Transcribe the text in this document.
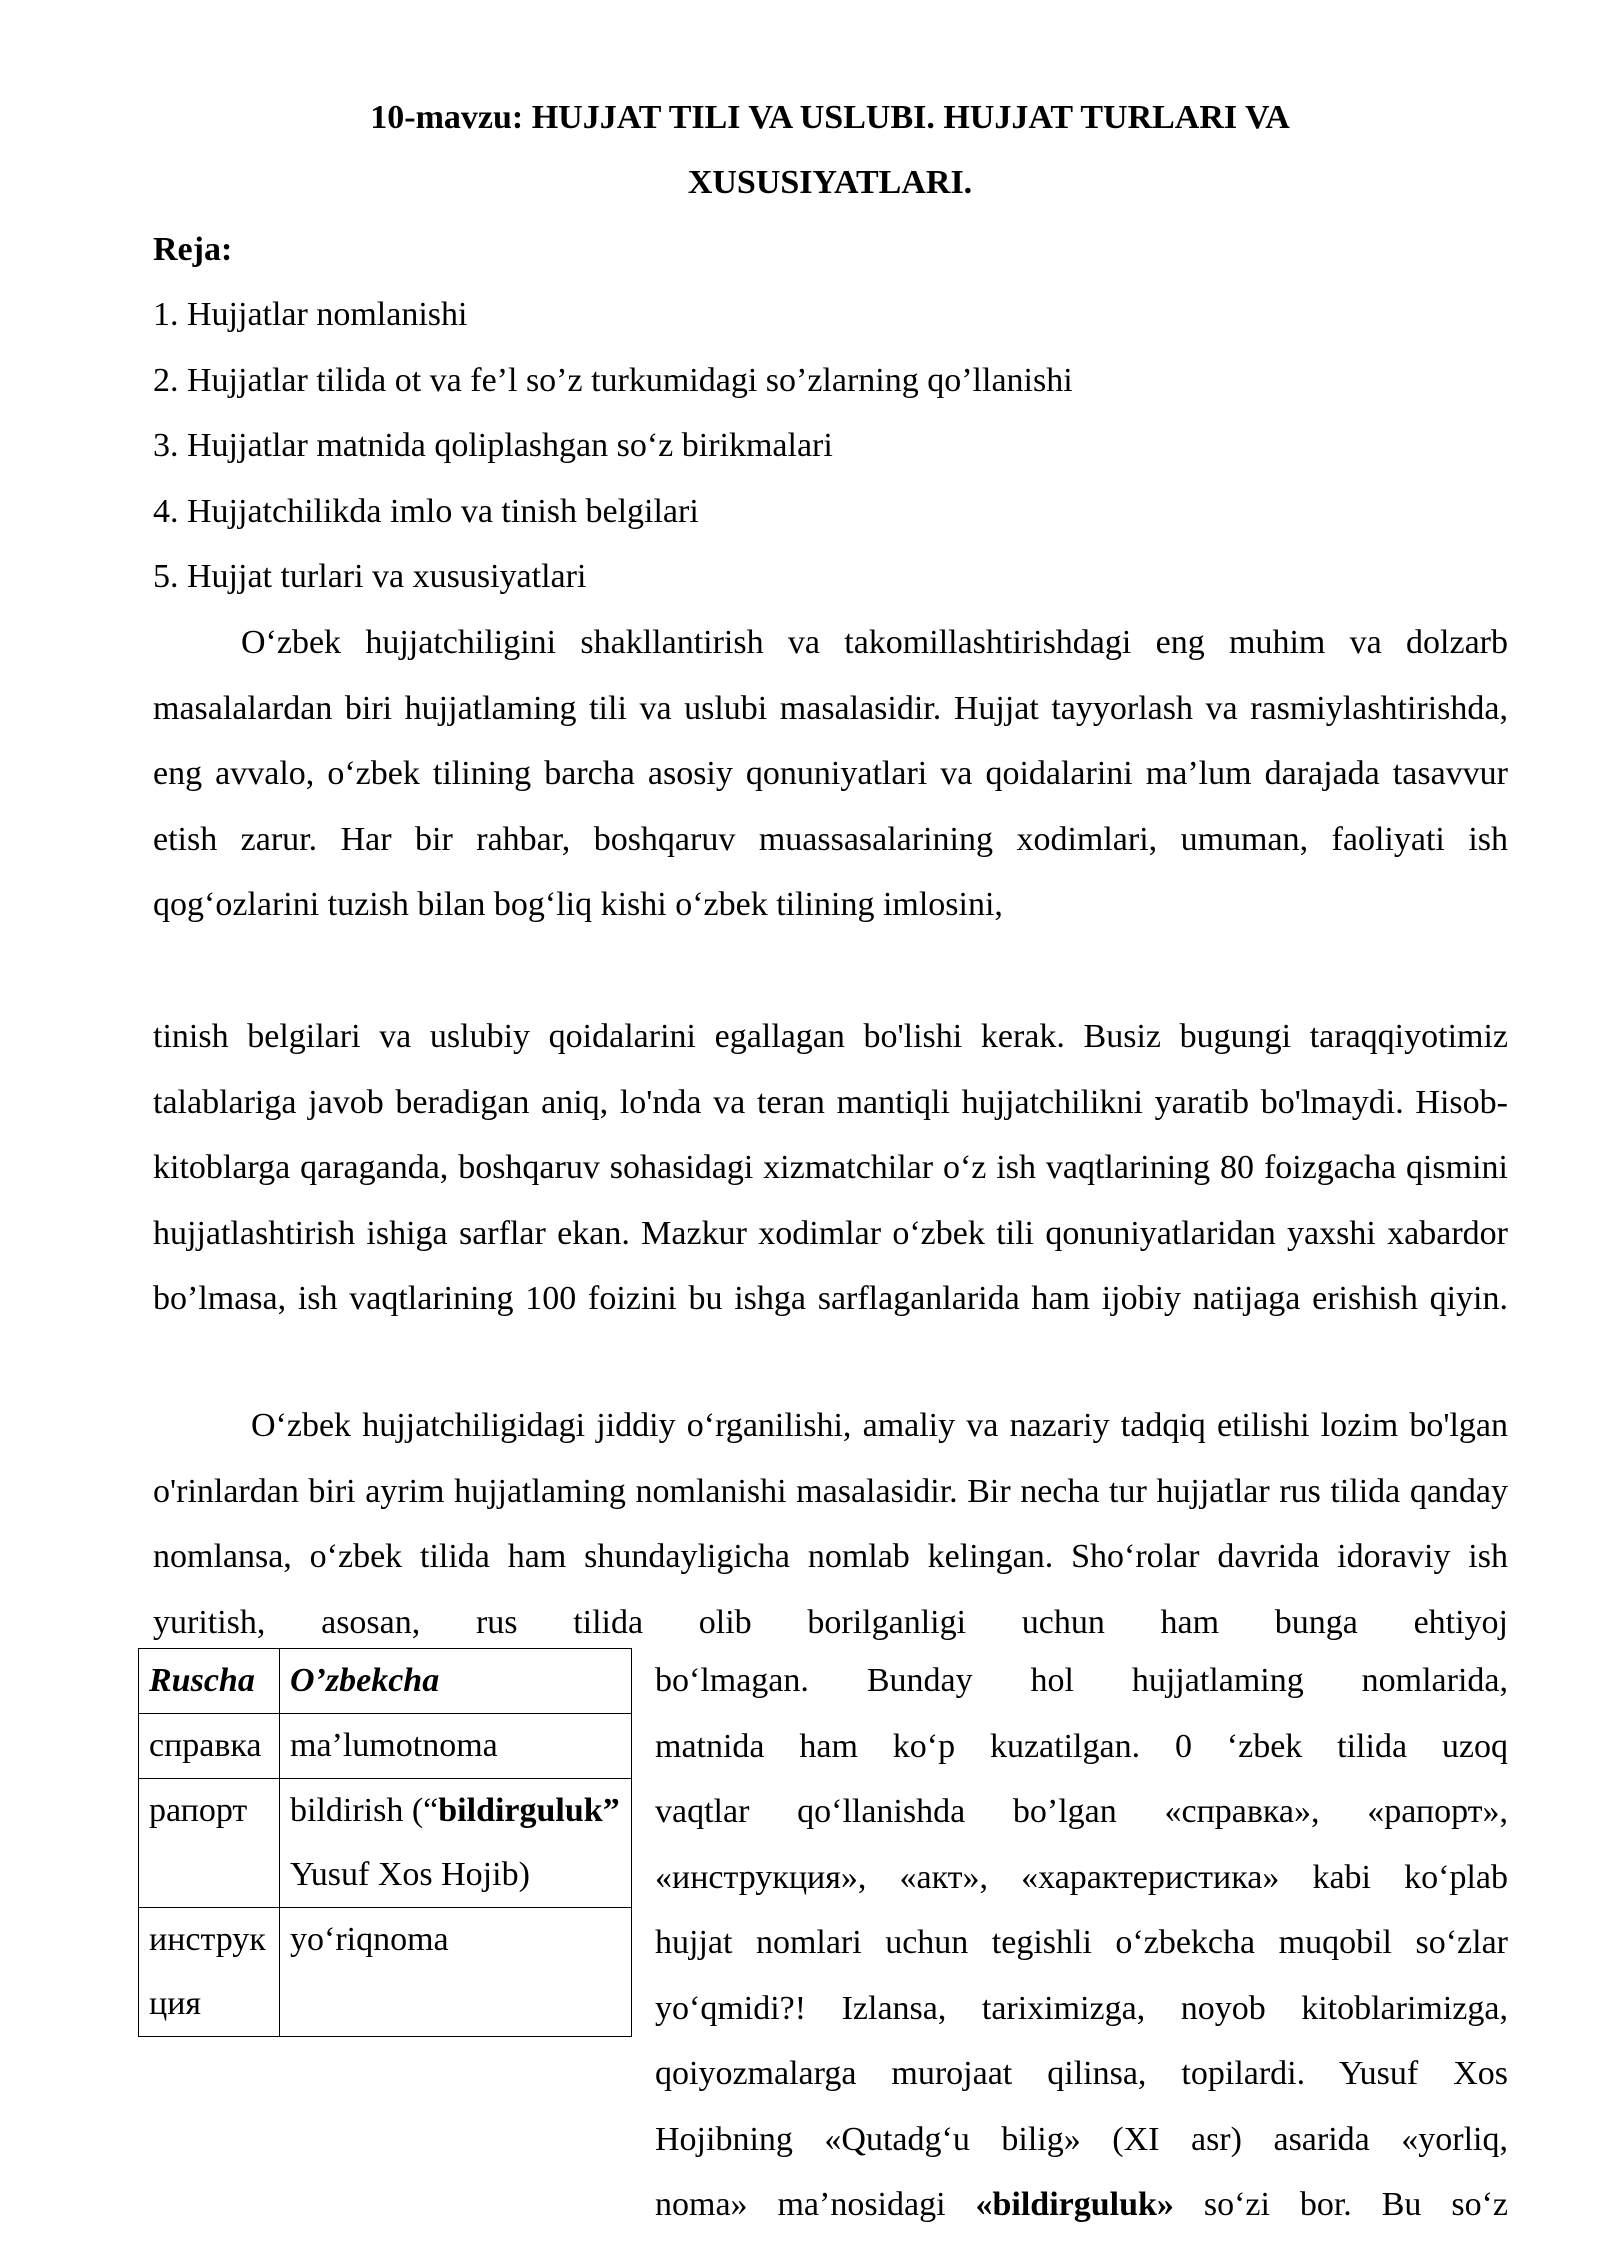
10-mavzu: HUJJAT TILI VA USLUBI. HUJJAT TURLARI VA
XUSUSIYATLARI.
Reja:
1. Hujjatlar nomlanishi
2. Hujjatlar tilida ot va fe’l so’z turkumidagi so’zlarning qo’llanishi
3. Hujjatlar matnida qoliplashgan so‘z birikmalari
4. Hujjatchilikda imlo va tinish belgilari
5. Hujjat turlari va xususiyatlari

O‘zbek hujjatchiligini shakllantirish va takomillashtirishdagi eng muhim va dolzarb masalalardan biri hujjatlaming tili va uslubi masalasidir. Hujjat tayyorlash va rasmiylashtirishda, eng avvalo, o‘zbek tilining barcha asosiy qonuniyatlari va qoidalarini ma’lum darajada tasavvur etish zarur. Har bir rahbar, boshqaruv muassasalarining xodimlari, umuman, faoliyati ish qog‘ozlarini tuzish bilan bog‘liq kishi o‘zbek tilining imlosini,

tinish belgilari va uslubiy qoidalarini egallagan bo'lishi kerak. Busiz bugungi taraqqiyotimiz talablariga javob beradigan aniq, lo'nda va teran mantiqli hujjatchilikni yaratib bo'lmaydi. Hisob-kitoblarga qaraganda, boshqaruv sohasidagi xizmatchilar o‘z ish vaqtlarining 80 foizgacha qismini hujjatlashtirish ishiga sarflar ekan. Mazkur xodimlar o‘zbek tili qonuniyatlaridan yaxshi xabardor bo’lmasa, ish vaqtlarining 100 foizini bu ishga sarflaganlarida ham ijobiy natijaga erishish qiyin.

O‘zbek hujjatchiligidagi jiddiy o‘rganilishi, amaliy va nazariy tadqiq etilishi lozim bo'lgan o'rinlardan biri ayrim hujjatlaming nomlanishi masalasidir. Bir necha tur hujjatlar rus tilida qanday nomlansa, o‘zbek tilida ham shundayligicha nomlab kelingan. Sho‘rolar davrida idoraviy ish yuritish, asosan, rus tilida olib borilganligi uchun ham bunga ehtiyoj

Ruscha	O’zbekcha
справка	ma’lumotnoma
рапорт	bildirish (“bildirguluk” Yusuf Xos Hojib)
инструкция	yo‘riqnoma
bo‘lmagan. Bunday hol hujjatlaming nomlarida,
matnida ham ko‘p kuzatilgan. 0 ‘zbek tilida uzoq
vaqtlar qo‘llanishda bo’lgan «справка», «рапорт»,
«инструкция», «акт», «характеристика» kabi ko‘plab
hujjat nomlari uchun tegishli o‘zbekcha muqobil so‘zlar
yo‘qmidi?! Izlansa, tariximizga, noyob kitoblarimizga,
qoiyozmalarga murojaat qilinsa, topilardi. Yusuf Xos
Hojibning «Qutadg‘u bilig» (XI asr) asarida «yorliq,
noma» ma’nosidagi «bildirguluk» so‘zi bor. Bu so‘z
